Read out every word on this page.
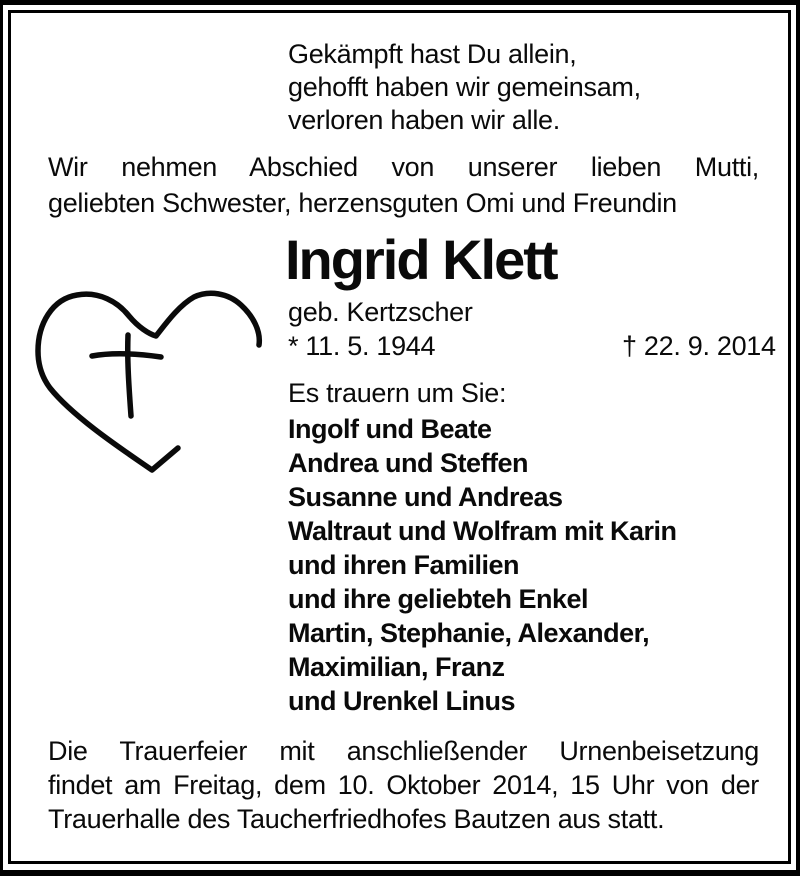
Gekämpft hast Du allein,
gehofft haben wir gemeinsam,
verloren haben wir alle.
Wir nehmen Abschied von unserer lieben Mutti,
geliebten Schwester, herzensguten Omi und Freundin
Ingrid Klett
geb. Kertzscher
* 11. 5. 1944	† 22. 9. 2014
Es trauern um Sie:
Ingolf und Beate
Andrea und Steffen
Susanne und Andreas
Waltraut und Wolfram mit Karin
und ihren Familien
und ihre geliebteh Enkel
Martin, Stephanie, Alexander,
Maximilian, Franz
und Urenkel Linus
Die Trauerfeier mit anschließender Urnenbeisetzung
findet am Freitag, dem 10. Oktober 2014, 15 Uhr von der
Trauerhalle des Taucherfriedhofes Bautzen aus statt.
